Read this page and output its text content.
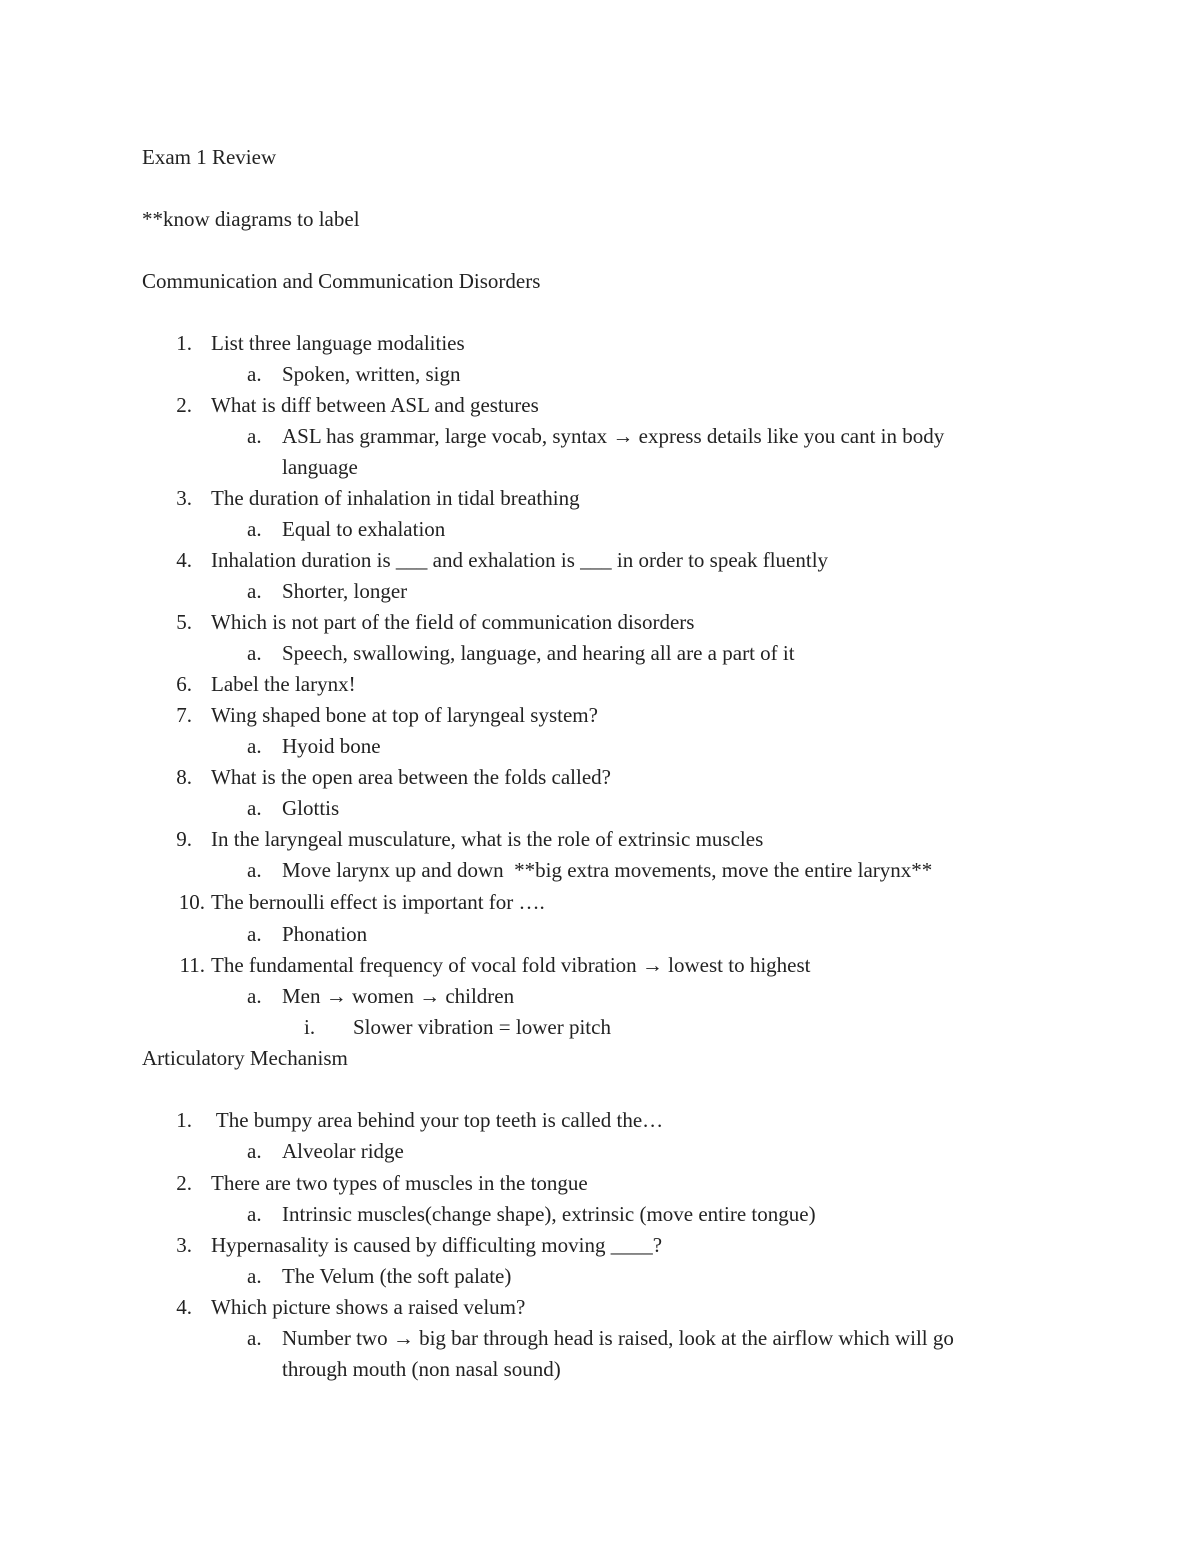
Exam 1 Review
**know diagrams to label
Communication and Communication Disorders
1. List three language modalities
a. Spoken, written, sign
2. What is diff between ASL and gestures
a. ASL has grammar, large vocab, syntax → express details like you cant in body
language
3. The duration of inhalation in tidal breathing
a. Equal to exhalation
4. Inhalation duration is ___ and exhalation is ___ in order to speak fluently
a. Shorter, longer
5. Which is not part of the field of communication disorders
a. Speech, swallowing, language, and hearing all are a part of it
6. Label the larynx!
7. Wing shaped bone at top of laryngeal system?
a. Hyoid bone
8. What is the open area between the folds called?
a. Glottis
9. In the laryngeal musculature, what is the role of extrinsic muscles
a. Move larynx up and down  **big extra movements, move the entire larynx**
10. The bernoulli effect is important for ….
a. Phonation
11. The fundamental frequency of vocal fold vibration → lowest to highest
a. Men → women → children
i. Slower vibration = lower pitch
Articulatory Mechanism
1. The bumpy area behind your top teeth is called the…
a. Alveolar ridge
2. There are two types of muscles in the tongue
a. Intrinsic muscles(change shape), extrinsic (move entire tongue)
3. Hypernasality is caused by difficulting moving ____?
a. The Velum (the soft palate)
4. Which picture shows a raised velum?
a. Number two → big bar through head is raised, look at the airflow which will go
through mouth (non nasal sound)
